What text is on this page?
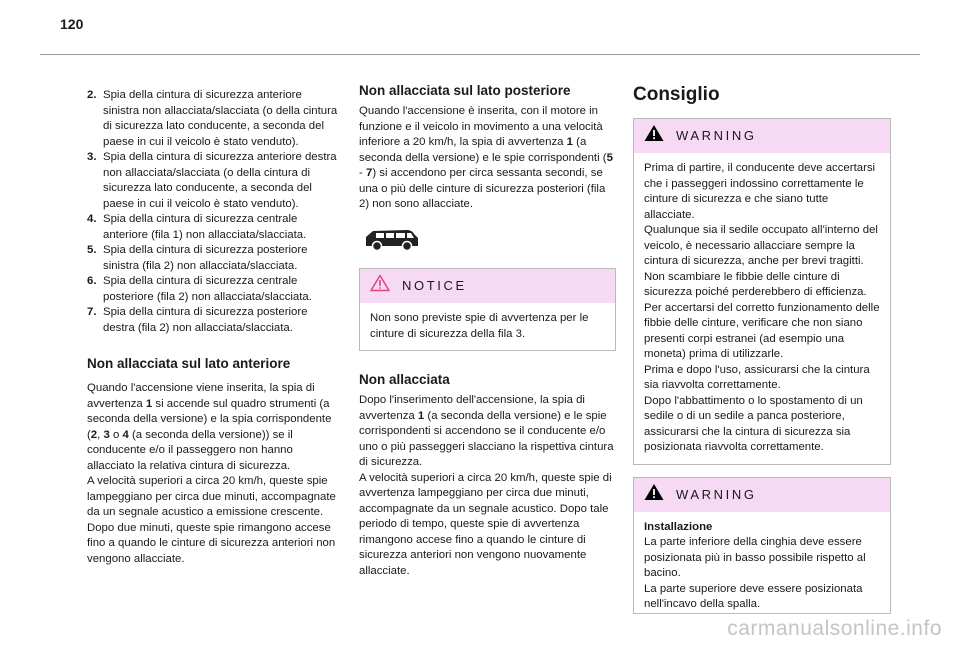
120
2. Spia della cintura di sicurezza anteriore sinistra non allacciata/slacciata (o della cintura di sicurezza lato conducente, a seconda del paese in cui il veicolo è stato venduto).
3. Spia della cintura di sicurezza anteriore destra non allacciata/slacciata (o della cintura di sicurezza lato conducente, a seconda del paese in cui il veicolo è stato venduto).
4. Spia della cintura di sicurezza centrale anteriore (fila 1) non allacciata/slacciata.
5. Spia della cintura di sicurezza posteriore sinistra (fila 2) non allacciata/slacciata.
6. Spia della cintura di sicurezza centrale posteriore (fila 2) non allacciata/slacciata.
7. Spia della cintura di sicurezza posteriore destra (fila 2) non allacciata/slacciata.
Non allacciata sul lato anteriore

Quando l'accensione viene inserita, la spia di avvertenza 1 si accende sul quadro strumenti (a seconda della versione) e la spia corrispondente (2, 3 o 4 (a seconda della versione)) se il conducente e/o il passeggero non hanno allacciato la relativa cintura di sicurezza.
A velocità superiori a circa 20 km/h, queste spie lampeggiano per circa due minuti, accompagnate da un segnale acustico a emissione crescente. Dopo due minuti, queste spie rimangono accese fino a quando le cinture di sicurezza anteriori non vengono allacciate.

Non allacciata sul lato posteriore

Quando l'accensione è inserita, con il motore in funzione e il veicolo in movimento a una velocità inferiore a 20 km/h, la spia di avvertenza 1 (a seconda della versione) e le spie corrispondenti (5 - 7) si accendono per circa sessanta secondi, se una o più delle cinture di sicurezza posteriori (fila 2) non sono allacciate.

NOTICE
Non sono previste spie di avvertenza per le cinture di sicurezza della fila 3.
Non allacciata

Dopo l'inserimento dell'accensione, la spia di avvertenza 1 (a seconda della versione) e le spie corrispondenti si accendono se il conducente e/o uno o più passeggeri slacciano la rispettiva cintura di sicurezza.
A velocità superiori a circa 20 km/h, queste spie di avvertenza lampeggiano per circa due minuti, accompagnate da un segnale acustico. Dopo tale periodo di tempo, queste spie di avvertenza rimangono accese fino a quando le cinture di sicurezza anteriori non vengono nuovamente allacciate.

Consiglio
WARNING
Prima di partire, il conducente deve accertarsi che i passeggeri indossino correttamente le cinture di sicurezza e che siano tutte allacciate.
Qualunque sia il sedile occupato all'interno del veicolo, è necessario allacciare sempre la cintura di sicurezza, anche per brevi tragitti.
Non scambiare le fibbie delle cinture di sicurezza poiché perderebbero di efficienza.
Per accertarsi del corretto funzionamento delle fibbie delle cinture, verificare che non siano presenti corpi estranei (ad esempio una moneta) prima di utilizzarle.
Prima e dopo l'uso, assicurarsi che la cintura sia riavvolta correttamente.
Dopo l'abbattimento o lo spostamento di un sedile o di un sedile a panca posteriore, assicurarsi che la cintura di sicurezza sia posizionata riavvolta correttamente.
WARNING
Installazione
La parte inferiore della cinghia deve essere posizionata più in basso possibile rispetto al bacino.
La parte superiore deve essere posizionata nell'incavo della spalla.
carmanualsonline.info
